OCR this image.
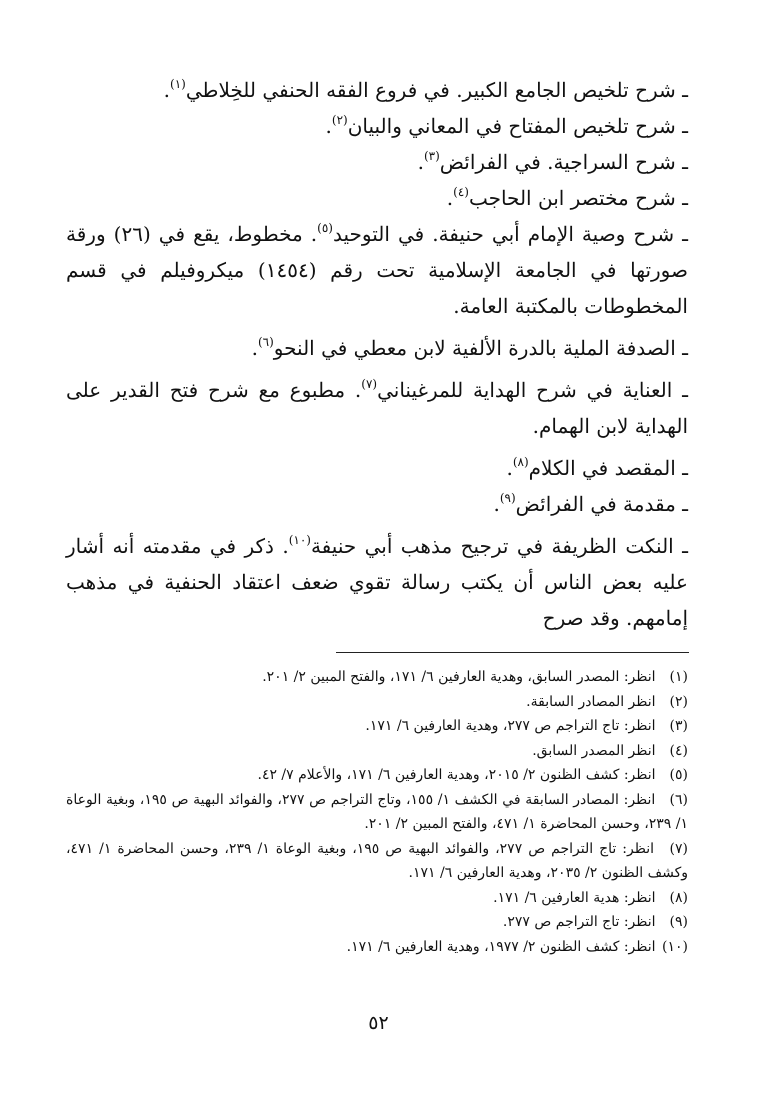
ـ شرح تلخيص الجامع الكبير. في فروع الفقه الحنفي للخِلاطي$^{(١)}$.

ـ شرح تلخيص المفتاح في المعاني والبيان$^{(٢)}$.

ـ شرح السراجية. في الفرائض$^{(٣)}$.

ـ شرح مختصر ابن الحاجب$^{(٤)}$.

ـ شرح وصية الإمام أبي حنيفة. في التوحيد$^{(٥)}$. مخطوط، يقع في (٢٦) ورقة صورتها في الجامعة الإسلامية تحت رقم (١٤٥٤) ميكروفيلم في قسم المخطوطات بالمكتبة العامة.

ـ الصدفة الملية بالدرة الألفية لابن معطي في النحو$^{(٦)}$.

ـ العناية في شرح الهداية للمرغيناني$^{(٧)}$. مطبوع مع شرح فتح القدير على الهداية لابن الهمام.

ـ المقصد في الكلام$^{(٨)}$.

ـ مقدمة في الفرائض$^{(٩)}$.

ـ النكت الظريفة في ترجيح مذهب أبي حنيفة$^{(١٠)}$. ذكر في مقدمته أنه أشار عليه بعض الناس أن يكتب رسالة تقوي ضعف اعتقاد الحنفية في مذهب إمامهم. وقد صرح

(١) انظر: المصدر السابق، وهدية العارفين ٦/ ١٧١، والفتح المبين ٢/ ٢٠١.

(٢) انظر المصادر السابقة.

(٣) انظر: تاج التراجم ص ٢٧٧، وهدية العارفين ٦/ ١٧١.

(٤) انظر المصدر السابق.

(٥) انظر: كشف الظنون ٢/ ٢٠١٥، وهدية العارفين ٦/ ١٧١، والأعلام ٧/ ٤٢.

(٦) انظر: المصادر السابقة في الكشف ١/ ١٥٥، وتاج التراجم ص ٢٧٧، والفوائد البهية ص ١٩٥، وبغية الوعاة ١/ ٢٣٩، وحسن المحاضرة ١/ ٤٧١، والفتح المبين ٢/ ٢٠١.

(٧) انظر: تاج التراجم ص ٢٧٧، والفوائد البهية ص ١٩٥، وبغية الوعاة ١/ ٢٣٩، وحسن المحاضرة ١/ ٤٧١، وكشف الظنون ٢/ ٢٠٣٥، وهدية العارفين ٦/ ١٧١.

(٨) انظر: هدية العارفين ٦/ ١٧١.

(٩) انظر: تاج التراجم ص ٢٧٧.

(١٠) انظر: كشف الظنون ٢/ ١٩٧٧، وهدية العارفين ٦/ ١٧١.

٥٢
